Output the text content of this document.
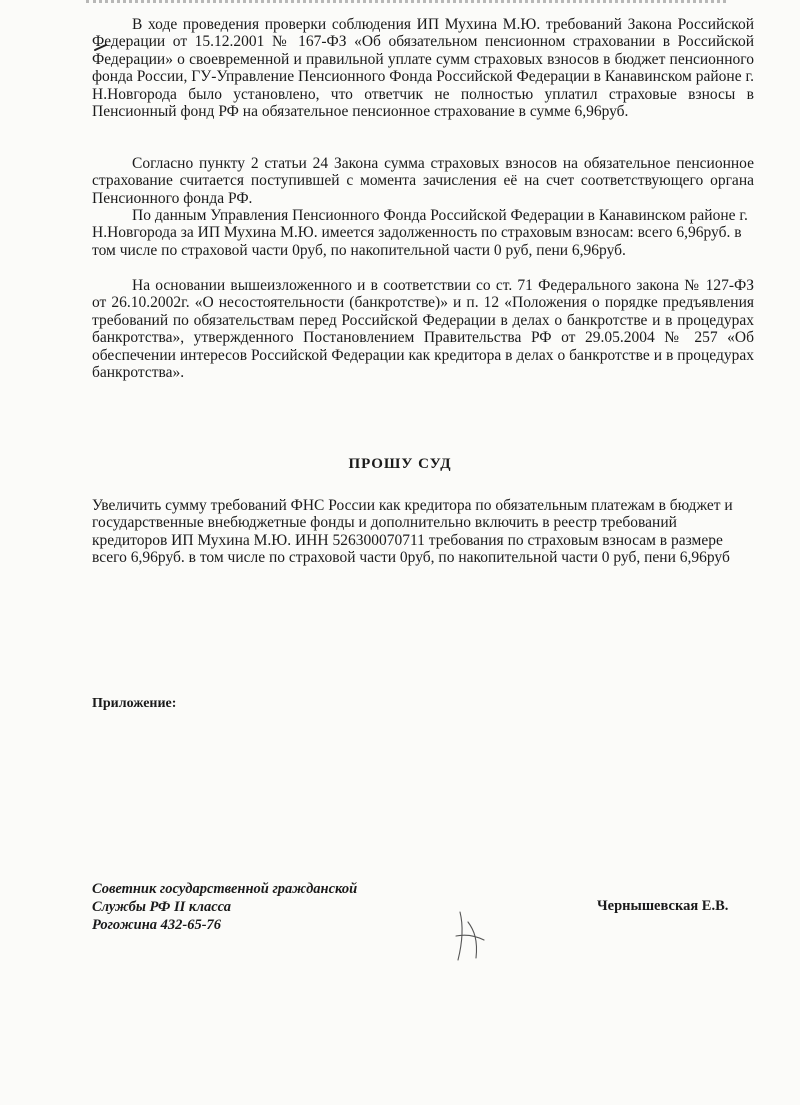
В ходе проведения проверки соблюдения ИП Мухина М.Ю. требований Закона Российской Федерации от 15.12.2001 № 167-ФЗ «Об обязательном пенсионном страховании в Российской Федерации» о своевременной и правильной уплате сумм страховых взносов в бюджет пенсионного фонда России, ГУ-Управление Пенсионного Фонда Российской Федерации в Канавинском районе г. Н.Новгорода было установлено, что ответчик не полностью уплатил страховые взносы в Пенсионный фонд РФ на обязательное пенсионное страхование в сумме 6,96руб.

Согласно пункту 2 статьи 24 Закона сумма страховых взносов на обязательное пенсионное страхование считается поступившей с момента зачисления её на счет соответствующего органа Пенсионного фонда РФ.

По данным Управления Пенсионного Фонда Российской Федерации в Канавинском районе г. Н.Новгорода за ИП Мухина М.Ю. имеется задолженность по страховым взносам: всего 6,96руб. в том числе по страховой части 0руб, по накопительной части 0 руб, пени 6,96руб.

На основании вышеизложенного и в соответствии со ст. 71 Федерального закона № 127-ФЗ от 26.10.2002г. «О несостоятельности (банкротстве)» и п. 12 «Положения о порядке предъявления требований по обязательствам перед Российской Федерации в делах о банкротстве и в процедурах банкротства», утвержденного Постановлением Правительства РФ от 29.05.2004 № 257 «Об обеспечении интересов Российской Федерации как кредитора в делах о банкротстве и в процедурах банкротства».

ПРОШУ СУД

Увеличить сумму требований ФНС России как кредитора по обязательным платежам в бюджет и государственные внебюджетные фонды и дополнительно включить в реестр требований кредиторов ИП Мухина М.Ю. ИНН 526300070711 требования по страховым взносам в размере всего 6,96руб. в том числе по страховой части 0руб, по накопительной части 0 руб, пени 6,96руб

Приложение:
Советник государственной гражданской
Службы РФ II класса
Рогожина 432-65-76
Чернышевская Е.В.
